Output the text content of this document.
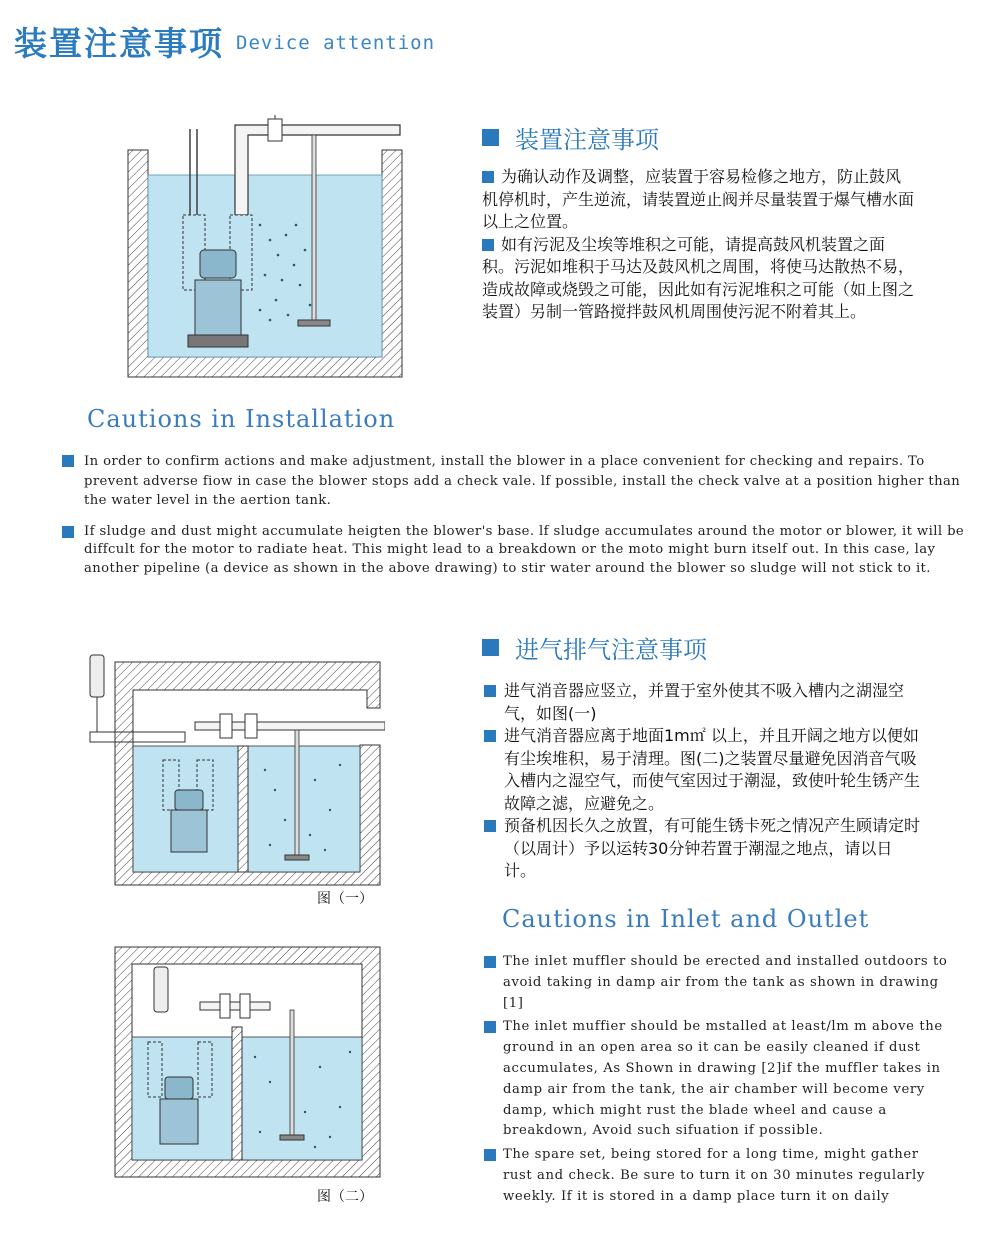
装置注意事项 $^{Device attention}$
装置注意事项

为确认动作及调整，应装置于容易检修之地方，防止鼓风机停机时，产生逆流，请装置逆止阀并尽量装置于爆气槽水面以上之位置。

如有污泥及尘埃等堆积之可能，请提高鼓风机装置之面积。污泥如堆积于马达及鼓风机之周围，将使马达散热不易，造成故障或烧毁之可能，因此如有污泥堆积之可能（如上图之装置）另制一管路搅拌鼓风机周围使污泥不附着其上。

Cautions in Installation
In order to confirm actions and make adjustment, install the blower in a place convenient for checking and repairs. To prevent adverse fiow in case the blower stops add a check vale. lf possible, install the check valve at a position higher than the water level in the aertion tank.
If sludge and dust might accumulate heigten the blower's base. lf sludge accumulates around the motor or blower, it will be diffcult for the motor to radiate heat. This might lead to a breakdown or the moto might burn itself out. In this case, lay another pipeline (a device as shown in the above drawing) to stir water around the blower so sludge will not stick to it.
图（一）
图（二）
进气排气注意事项
进气消音器应竖立，并置于室外使其不吸入槽内之湖湿空气，如图(一)
进气消音器应离于地面1m㎡ 以上，并且开阔之地方以便如有尘埃堆积，易于清理。图(二)之装置尽量避免因消音气吸入槽内之湿空气，而使气室因过于潮湿，致使叶轮生锈产生故障之滤，应避免之。
预备机因长久之放置，有可能生锈卡死之情况产生顾请定时（以周计）予以运转30分钟若置于潮湿之地点，请以日计。
Cautions in Inlet and Outlet
The inlet muffler should be erected and installed outdoors to avoid taking in damp air from the tank as shown in drawing [1]
The inlet muffier should be mstalled at least/lm m above the ground in an open area so it can be easily cleaned if dust accumulates, As Shown in drawing [2]if the muffler takes in damp air from the tank, the air chamber will become very damp, which might rust the blade wheel and cause a breakdown, Avoid such sifuation if possible.
The spare set, being stored for a long time, might gather rust and check. Be sure to turn it on 30 minutes regularly weekly. If it is stored in a damp place turn it on daily
